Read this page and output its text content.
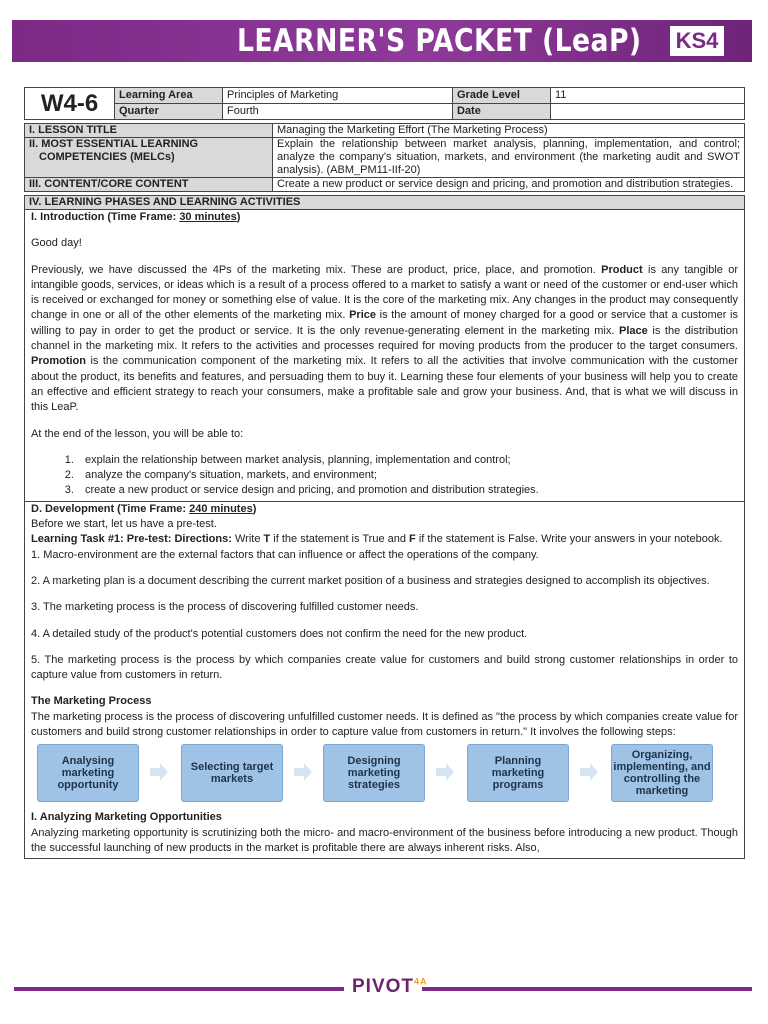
LEARNER'S PACKET (LeaP) KS4
W4-6	Learning Area	Principles of Marketing	Grade Level	11
	Quarter	Fourth	Date	
I. LESSON TITLE	Managing the Marketing Effort (The Marketing Process)

II. MOST ESSENTIAL LEARNING
COMPETENCIES (MELCs)	Explain the relationship between market analysis, planning, implementation, and control; analyze the company's situation, markets, and environment (the marketing audit and SWOT analysis). (ABM_PM11-IIf-20)
III. CONTENT/CORE CONTENT	Create a new product or service design and pricing, and promotion and distribution strategies.
IV. LEARNING PHASES AND LEARNING ACTIVITIES

I. Introduction (Time Frame: 30 minutes)

Good day!

Previously, we have discussed the 4Ps of the marketing mix. These are product, price, place, and promotion. Product is any tangible or intangible goods, services, or ideas which is a result of a process offered to a market to satisfy a want or need of the customer or end-user which is received or exchanged for money or something else of value. It is the core of the marketing mix. Any changes in the product may consequently change in one or all of the other elements of the marketing mix. Price is the amount of money charged for a good or service that a customer is willing to pay in order to get the product or service. It is the only revenue-generating element in the marketing mix. Place is the distribution channel in the marketing mix. It refers to the activities and processes required for moving products from the producer to the target consumers. Promotion is the communication component of the marketing mix. It refers to all the activities that involve communication with the customer about the product, its benefits and features, and persuading them to buy it. Learning these four elements of your business will help you to create an effective and efficient strategy to reach your consumers, make a profitable sale and grow your business. And, that is what we will discuss in this LeaP.

At the end of the lesson, you will be able to:

1. explain the relationship between market analysis, planning, implementation and control;
2. analyze the company's situation, markets, and environment;
3. create a new product or service design and pricing, and promotion and distribution strategies.

D. Development (Time Frame: 240 minutes)

Before we start, let us have a pre-test.

Learning Task #1: Pre-test: Directions: Write T if the statement is True and F if the statement is False. Write your answers in your notebook.

1. Macro-environment are the external factors that can influence or affect the operations of the company.

2. A marketing plan is a document describing the current market position of a business and strategies designed to accomplish its objectives.

3. The marketing process is the process of discovering fulfilled customer needs.

4. A detailed study of the product's potential customers does not confirm the need for the new product.

5. The marketing process is the process by which companies create value for customers and build strong customer relationships in order to capture value from customers in return.

The Marketing Process

The marketing process is the process of discovering unfulfilled customer needs. It is defined as "the process by which companies create value for customers and build strong customer relationships in order to capture value from customers in return." It involves the following steps:

Analysing marketing opportunity
Selecting target markets
Designing marketing strategies
Planning marketing programs
Organizing, implementing, and controlling the marketing

I. Analyzing Marketing Opportunities

Analyzing marketing opportunity is scrutinizing both the micro- and macro-environment of the business before introducing a new product. Though the successful launching of new products in the market is profitable there are always inherent risks. Also,

$PIVOT^{4A}$
